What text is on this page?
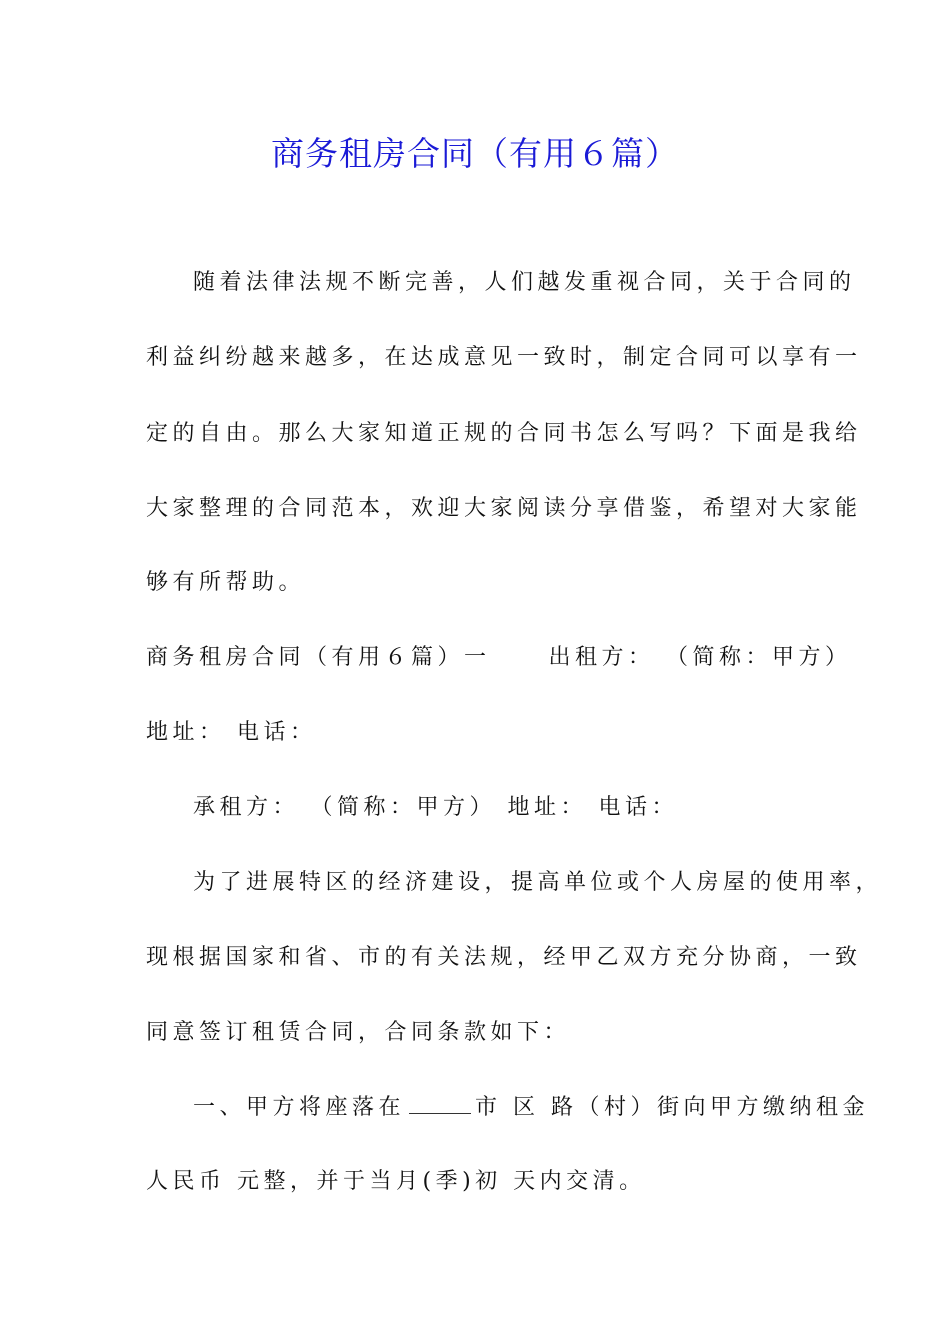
商务租房合同（有用６篇）
随着法律法规不断完善，人们越发重视合同，关于合同的
利益纠纷越来越多，在达成意见一致时，制定合同可以享有一
定的自由。那么大家知道正规的合同书怎么写吗？下面是我给
大家整理的合同范本，欢迎大家阅读分享借鉴，希望对大家能
够有所帮助。
商务租房合同（有用６篇）一	出租方： （简称：甲方）
地址： 电话：
承租方： （简称：甲方） 地址： 电话：
为了进展特区的经济建设，提高单位或个人房屋的使用率，
现根据国家和省、市的有关法规，经甲乙双方充分协商，一致
同意签订租赁合同，合同条款如下：
一、甲方将座落在	市 区 路（村）街向甲方缴纳租金
人民币 元整，并于当月(季)初 天内交清。
